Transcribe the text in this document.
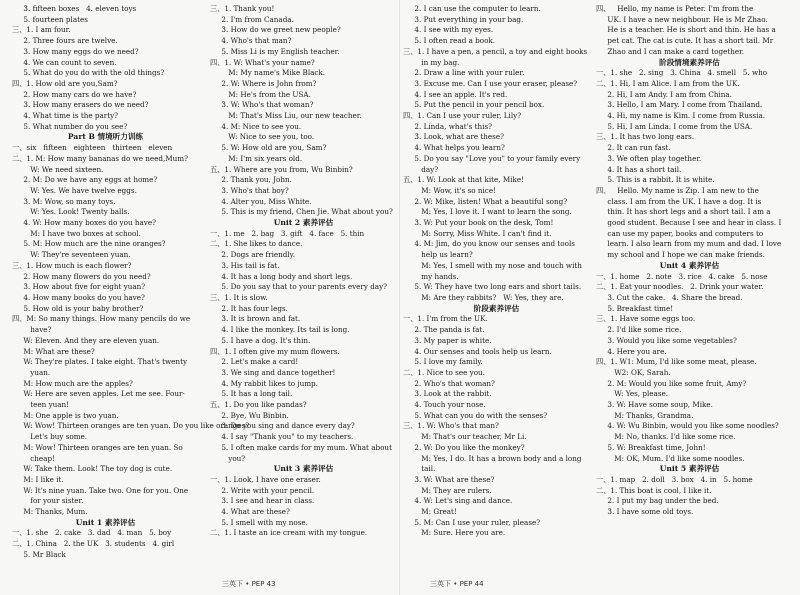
3. fifteen boxes   4. eleven toys
5. fourteen plates
三、1. I am four.
2. Three fours are twelve.
3. How many eggs do we need?
4. We can count to seven.
5. What do you do with the old things?
四、1. How old are you,Sam?
2. How many cars do we have?
3. How many erasers do we need?
4. What time is the party?
5. What number do you see?
Part B 情境听力训练
一、six   fifteen   eighteen   thirteen   eleven
二、1. M: How many bananas do we need,Mum?
W: We need sixteen.
2. M: Do we have any eggs at home?
W: Yes. We have twelve eggs.
3. M: Wow, so many toys.
W: Yes. Look! Twenty balls.
4. W: How many boxes do you have?
M: I have two boxes at school.
5. M: How much are the nine oranges?
W: They're seventeen yuan.
三、1. How much is each flower?
2. How many flowers do you need?
3. How about five for eight yuan?
4. How many books do you have?
5. How old is your baby brother?
四、M: So many things. How many pencils do we
have?
W: Eleven. And they are eleven yuan.
M: What are these?
W: They're plates. I take eight. That's twenty
yuan.
M: How much are the apples?
W: Here are seven apples. Let me see. Four-
teen yuan!
M: One apple is two yuan.
W: Wow! Thirteen oranges are ten yuan. Do you like oranges?
Let's buy some.
M: Wow! Thirteen oranges are ten yuan. So
cheap!
W: Take them. Look! The toy dog is cute.
M: I like it.
W: It's nine yuan. Take two. One for you. One
for your sister.
M: Thanks, Mum.
Unit 1 素养评估
一、1. she   2. cake   3. dad   4. man   5. boy
二、1. China   2. the UK   3. students   4. girl
5. Mr Black
三、1. Thank you!
2. I'm from Canada.
3. How do we greet new people?
4. Who's that man?
5. Miss Li is my English teacher.
四、1. W: What's your name?
M: My name's Mike Black.
2. W: Where is John from?
M: He's from the USA.
3. W: Who's that woman?
M: That's Miss Liu, our new teacher.
4. M: Nice to see you.
W: Nice to see you, too.
5. W: How old are you, Sam?
M: I'm six years old.
五、1. Where are you from, Wu Binbin?
2. Thank you, John.
3. Who's that boy?
4. Alter you, Miss White.
5. This is my friend, Chen Jie. What about you?
Unit 2 素养评估
一、1. me   2. bag   3. gift   4. face   5. thin
二、1. She likes to dance.
2. Dogs are friendly.
3. His tail is fat.
4. It has a long body and short legs.
5. Do you say that to your parents every day?
三、1. It is slow.
2. It has four legs.
3. It is brown and fat.
4. I like the monkey. Its tail is long.
5. I have a dog. It's thin.
四、1. I often give my mum flowers.
2. Let's make a card!
3. We sing and dance together!
4. My rabbit likes to jump.
5. It has a long tail.
五、1. Do you like pandas?
2. Bye, Wu Binbin.
3. Do you sing and dance every day?
4. I say "Thank you" to my teachers.
5. I often make cards for my mum. What about
you?
Unit 3 素养评估
一、1. Look, I have one eraser.
2. Write with your pencil.
3. I see and hear in class.
4. What are these?
5. I smell with my nose.
二、1. I taste an ice cream with my tongue.
2. I can use the computer to learn.
3. Put everything in your bag.
4. I see with my eyes.
5. I often read a book.
三、1. I have a pen, a pencil, a toy and eight books
in my bag.
2. Draw a line with your ruler.
3. Excuse me. Can I use your eraser, please?
4. I see an apple. It's red.
5. Put the pencil in your pencil box.
四、1. Can I use your ruler, Lily?
2. Linda, what's this?
3. Look, what are these?
4. What helps you learn?
5. Do you say "Love you" to your family every
day?
五、1. W: Look at that kite, Mike!
M: Wow, it's so nice!
2. W: Mike, listen! What a beautiful song?
M: Yes, I love it. I want to learn the song.
3. W: Put your book on the desk, Tom!
M: Sorry, Miss White. I can't find it.
4. M: Jim, do you know our senses and tools
help us learn?
M: Yes, I smell with my nose and touch with
my hands.
5. W: They have two long ears and short tails.
M: Are they rabbits?   W: Yes, they are.
阶段素养评估
一、1. I'm from the UK.
2. The panda is fat.
3. My paper is white.
4. Our senses and tools help us learn.
5. I love my family.
二、1. Nice to see you.
2. Who's that woman?
3. Look at the rabbit.
4. Touch your nose.
5. What can you do with the senses?
三、1. W: Who's that man?
M: That's our teacher, Mr Li.
2. W: Do you like the monkey?
M: Yes, I do. It has a brown body and a long
tail.
3. W: What are these?
M: They are rulers.
4. W: Let's sing and dance.
M: Great!
5. M: Can I use your ruler, please?
M: Sure. Here you are.
四、   Hello, my name is Peter. I'm from the
UK. I have a new neighbour. He is Mr Zhao.
He is a teacher. He is short and thin. He has a
pet cat. The cat is cute. It has a short tail. Mr
Zhao and I can make a card together.
阶段情境素养评估
一、1. she   2. sing   3. China   4. smell   5. who
二、1. Hi, I am Alice. I am from the UK.
2. Hi, I am Andy. I am from China.
3. Hello, I am Mary. I come from Thailand.
4. Hi, my name is Kim. I come from Russia.
5. Hi, I am Linda. I come from the USA.
三、1. It has two long ears.
2. It can run fast.
3. We often play together.
4. It has a short tail.
5. This is a rabbit. It is white.
四、   Hello. My name is Zip. I am new to the
class. I am from the UK. I have a dog. It is
thin. It has short legs and a short tail. I am a
good student. Because I see and hear in class. I
can use my paper, books and computers to
learn. I also learn from my mum and dad. I love
my school and I hope we can make friends.
Unit 4 素养评估
一、1. home   2. note   3. rice   4. cake   5. nose
二、1. Eat your noodles.   2. Drink your water.
3. Cut the cake.   4. Share the bread.
5. Breakfast time!
三、1. Have some eggs too.
2. I'd like some rice.
3. Would you like some vegetables?
4. Here you are.
四、1. W1: Mum, I'd like some meat, please.
W2: OK, Sarah.
2. M: Would you like some fruit, Amy?
W: Yes, please.
3. W: Have some soup, Mike.
M: Thanks, Grandma.
4. W: Wu Binbin, would you like some noodles?
M: No, thanks. I'd like some rice.
5. W: Breakfast time, John!
M: OK, Mum. I'd like some noodles.
Unit 5 素养评估
一、1. map   2. doll   3. box   4. in   5. home
二、1. This boat is cool, I like it.
2. I put my bag under the bed.
3. I have some old toys.
三英下 • PEP 43	三英下 • PEP 44
